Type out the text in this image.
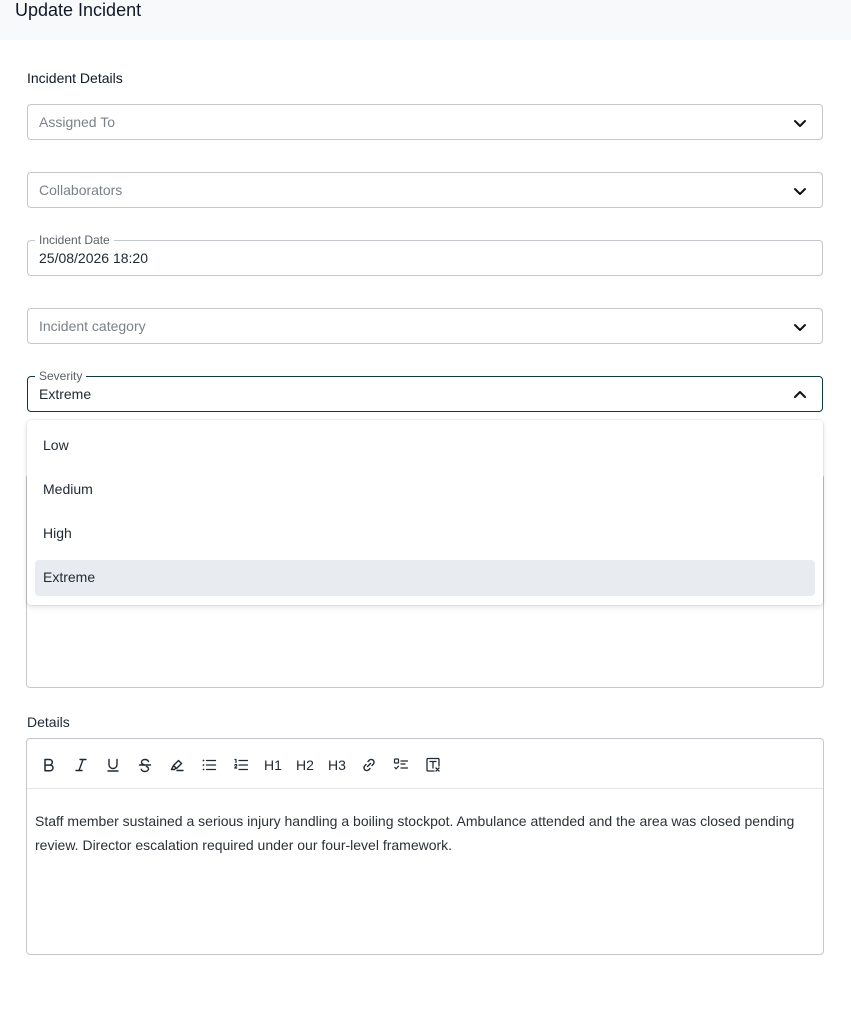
Update Incident
Incident Details
Assigned To
Collaborators
Incident Date
25/08/2026 18:20
Incident category
Severity
Extreme
Low
Medium
High
Extreme
Details
H1 H2 H3
Staff member sustained a serious injury handling a boiling stockpot. Ambulance attended and the area was closed pending review. Director escalation required under our four-level framework.
